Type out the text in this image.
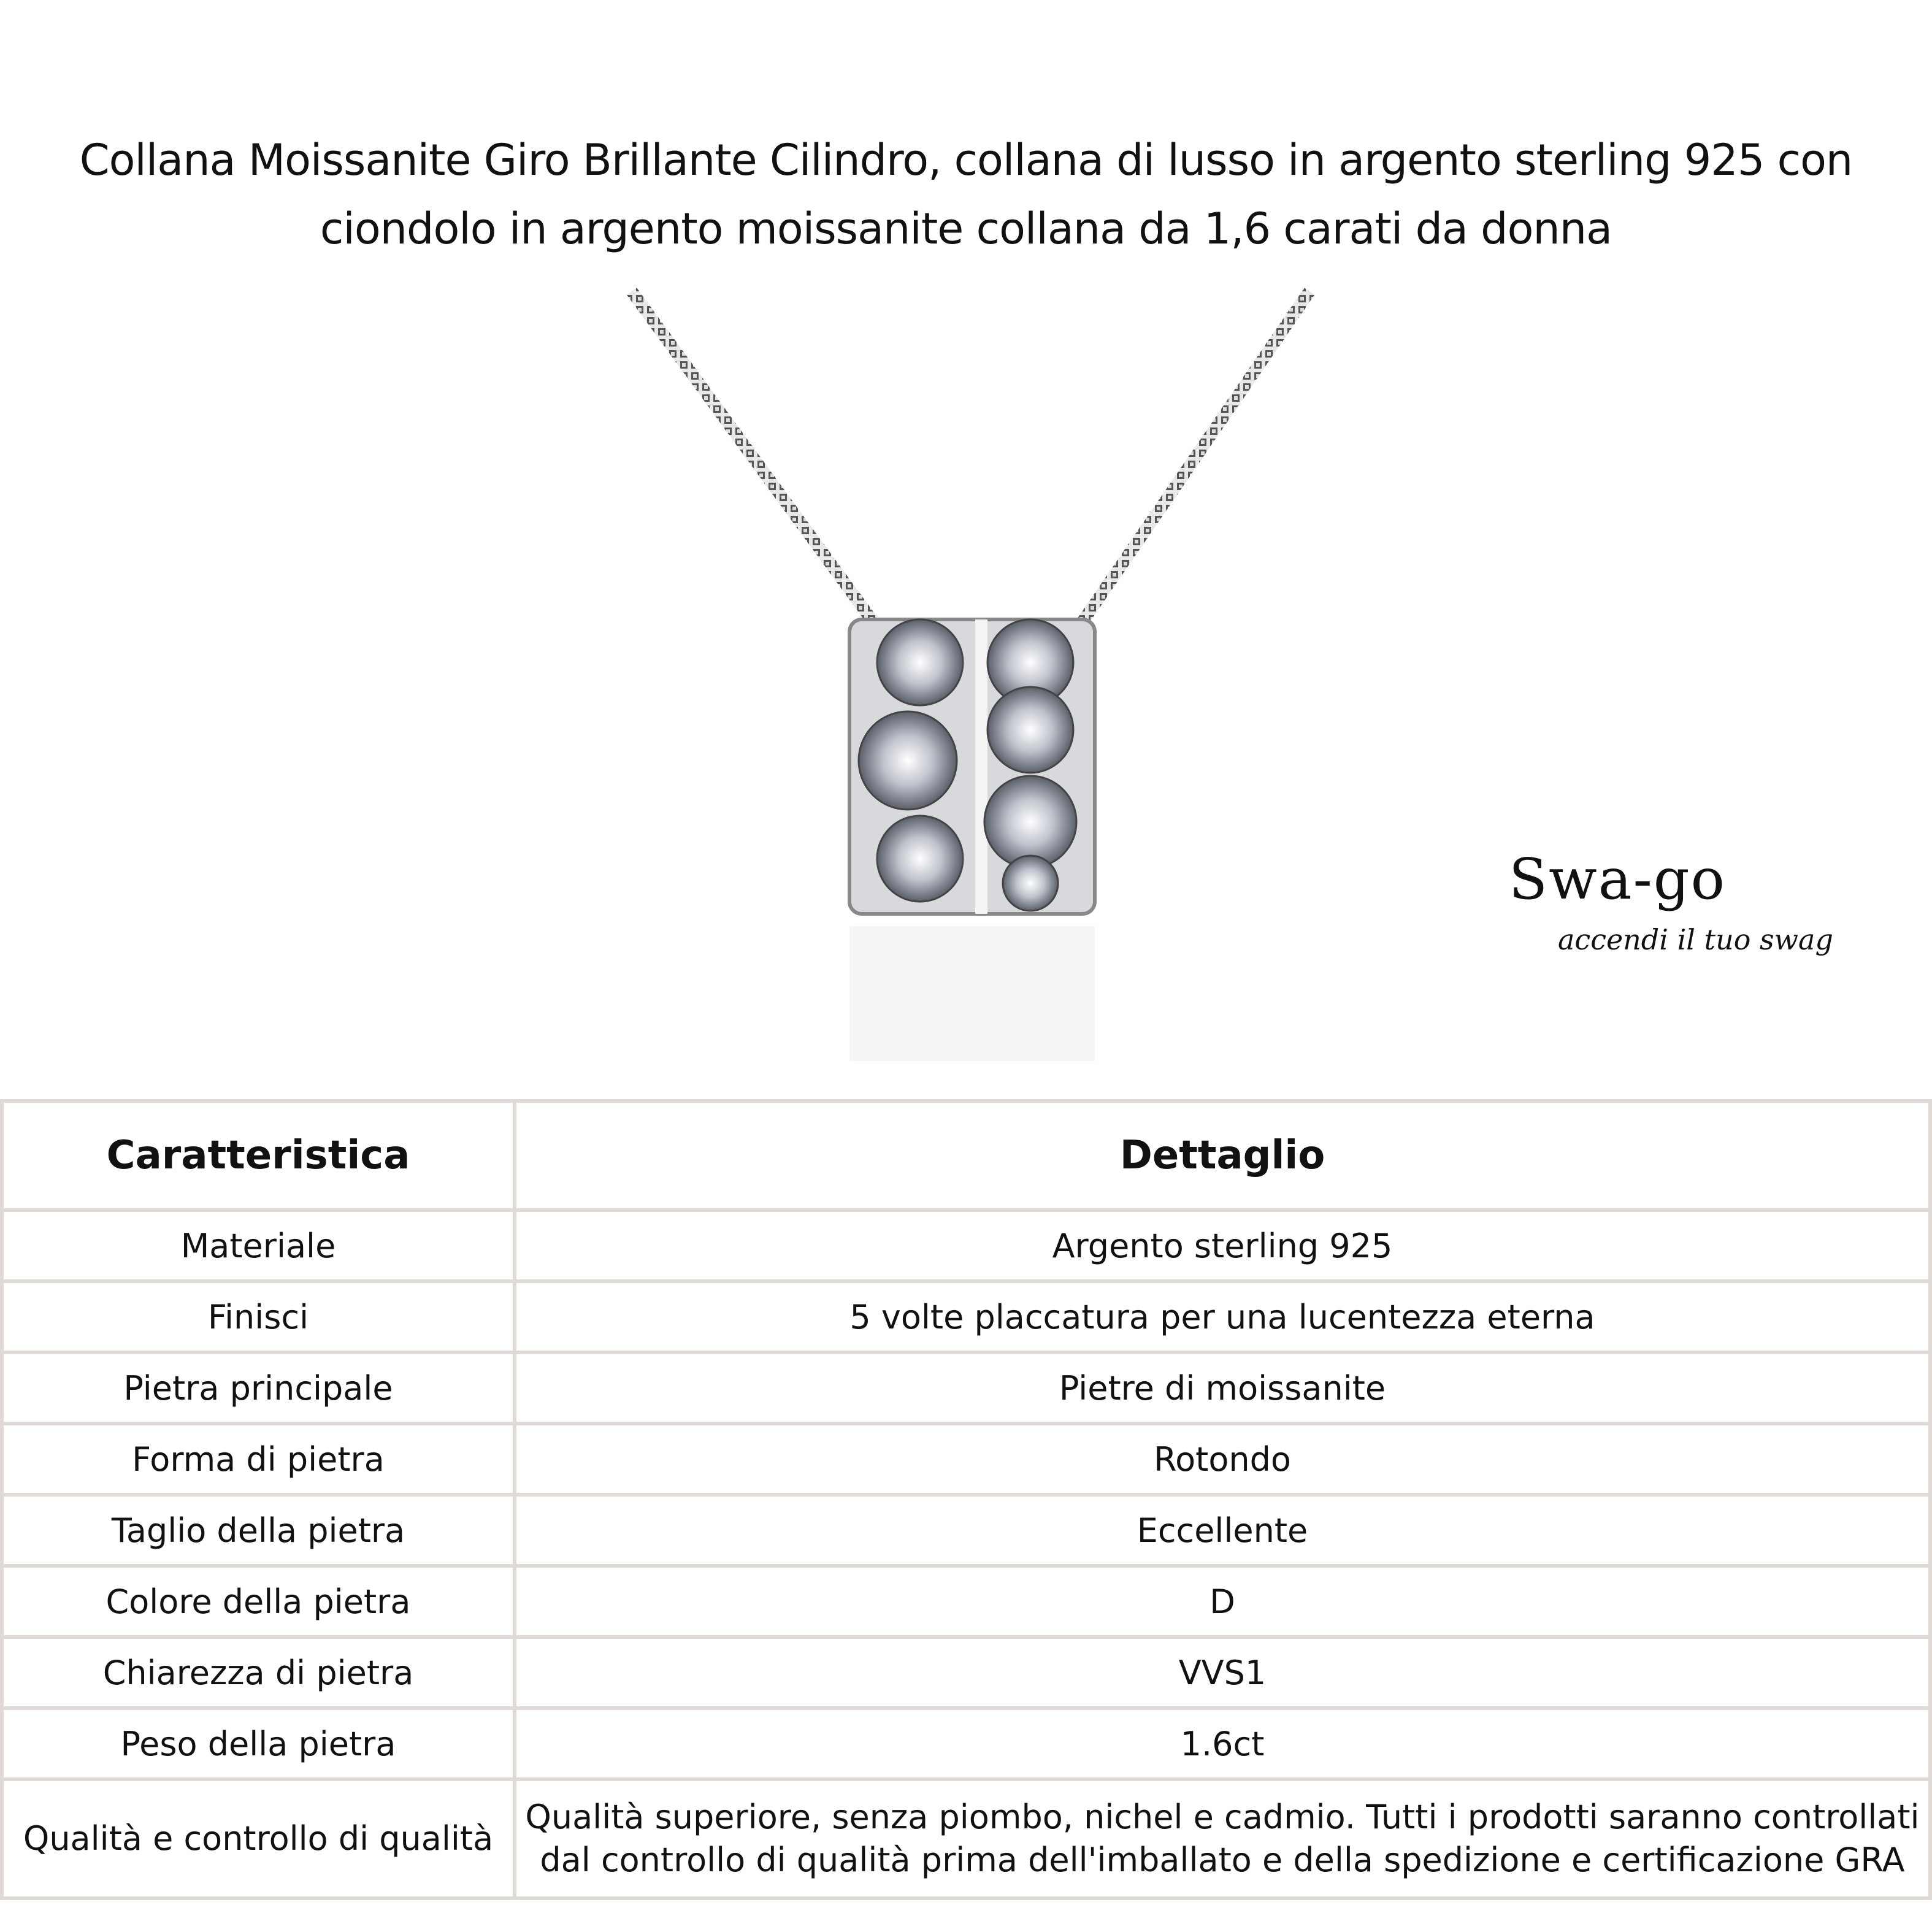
Collana Moissanite Giro Brillante Cilindro, collana di lusso in argento sterling 925 con ciondolo in argento moissanite collana da 1,6 carati da donna
Swa-go
accendi il tuo swag
Caratteristica	Dettaglio
Materiale	Argento sterling 925
Finisci	5 volte placcatura per una lucentezza eterna
Pietra principale	Pietre di moissanite
Forma di pietra	Rotondo
Taglio della pietra	Eccellente
Colore della pietra	D
Chiarezza di pietra	VVS1
Peso della pietra	1.6ct
Qualità e controllo di qualità	Qualità superiore, senza piombo, nichel e cadmio. Tutti i prodotti saranno controllati dal controllo di qualità prima dell'imballato e della spedizione e certificazione GRA
